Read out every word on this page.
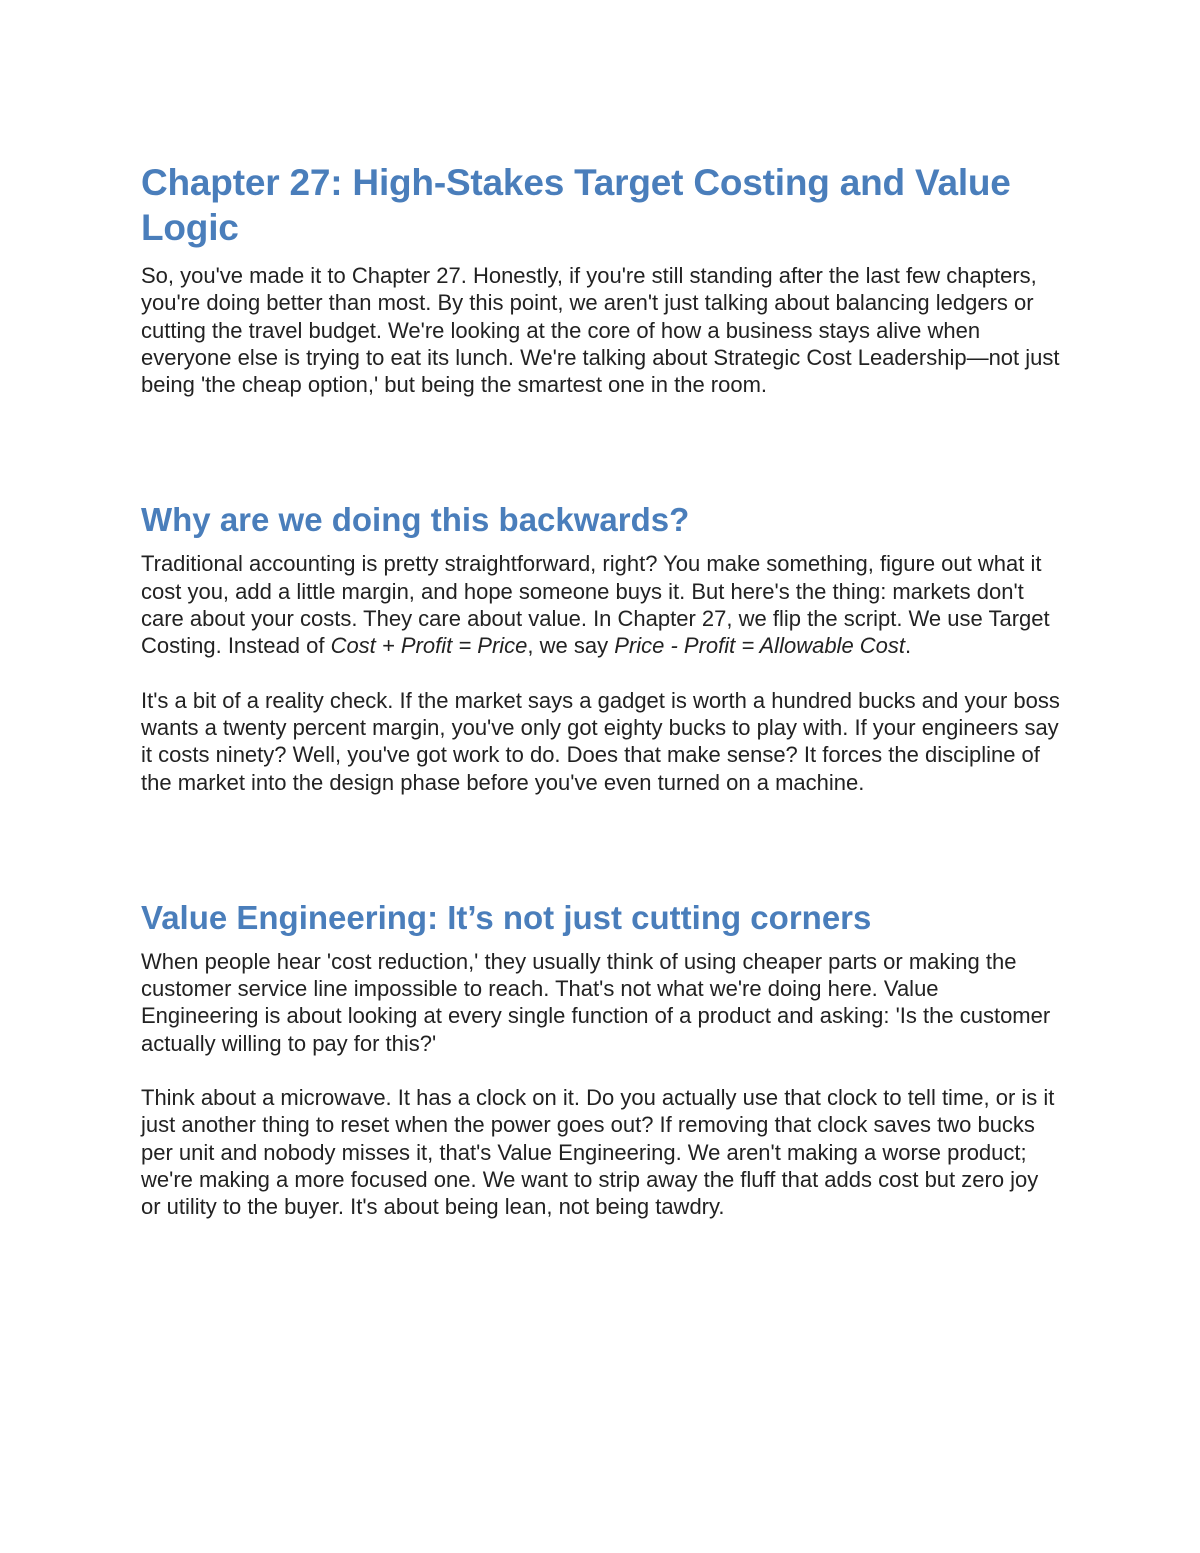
Chapter 27: High-Stakes Target Costing and Value Logic

So, you've made it to Chapter 27. Honestly, if you're still standing after the last few chapters, you're doing better than most. By this point, we aren't just talking about balancing ledgers or cutting the travel budget. We're looking at the core of how a business stays alive when everyone else is trying to eat its lunch. We're talking about Strategic Cost Leadership—not just being 'the cheap option,' but being the smartest one in the room.

Why are we doing this backwards?

Traditional accounting is pretty straightforward, right? You make something, figure out what it cost you, add a little margin, and hope someone buys it. But here's the thing: markets don't care about your costs. They care about value. In Chapter 27, we flip the script. We use Target Costing. Instead of Cost + Profit = Price, we say Price - Profit = Allowable Cost.

It's a bit of a reality check. If the market says a gadget is worth a hundred bucks and your boss wants a twenty percent margin, you've only got eighty bucks to play with. If your engineers say it costs ninety? Well, you've got work to do. Does that make sense? It forces the discipline of the market into the design phase before you've even turned on a machine.

Value Engineering: It’s not just cutting corners

When people hear 'cost reduction,' they usually think of using cheaper parts or making the customer service line impossible to reach. That's not what we're doing here. Value Engineering is about looking at every single function of a product and asking: 'Is the customer actually willing to pay for this?'

Think about a microwave. It has a clock on it. Do you actually use that clock to tell time, or is it just another thing to reset when the power goes out? If removing that clock saves two bucks per unit and nobody misses it, that's Value Engineering. We aren't making a worse product; we're making a more focused one. We want to strip away the fluff that adds cost but zero joy or utility to the buyer. It's about being lean, not being tawdry.
